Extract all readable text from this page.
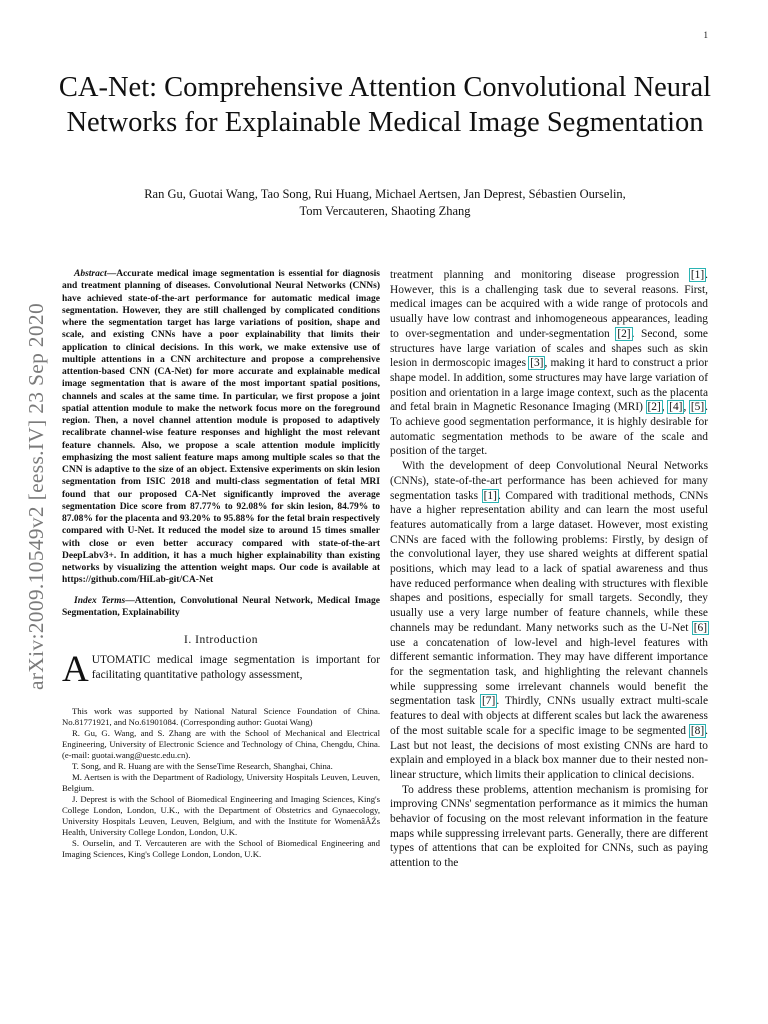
1
arXiv:2009.10549v2 [eess.IV] 23 Sep 2020
CA-Net: Comprehensive Attention Convolutional Neural Networks for Explainable Medical Image Segmentation
Ran Gu, Guotai Wang, Tao Song, Rui Huang, Michael Aertsen, Jan Deprest, Sébastien Ourselin,
Tom Vercauteren, Shaoting Zhang

Abstract—Accurate medical image segmentation is essential for diagnosis and treatment planning of diseases. Convolutional Neural Networks (CNNs) have achieved state-of-the-art performance for automatic medical image segmentation. However, they are still challenged by complicated conditions where the segmentation target has large variations of position, shape and scale, and existing CNNs have a poor explainability that limits their application to clinical decisions. In this work, we make extensive use of multiple attentions in a CNN architecture and propose a comprehensive attention-based CNN (CA-Net) for more accurate and explainable medical image segmentation that is aware of the most important spatial positions, channels and scales at the same time. In particular, we first propose a joint spatial attention module to make the network focus more on the foreground region. Then, a novel channel attention module is proposed to adaptively recalibrate channel-wise feature responses and highlight the most relevant feature channels. Also, we propose a scale attention module implicitly emphasizing the most salient feature maps among multiple scales so that the CNN is adaptive to the size of an object. Extensive experiments on skin lesion segmentation from ISIC 2018 and multi-class segmentation of fetal MRI found that our proposed CA-Net significantly improved the average segmentation Dice score from 87.77% to 92.08% for skin lesion, 84.79% to 87.08% for the placenta and 93.20% to 95.88% for the fetal brain respectively compared with U-Net. It reduced the model size to around 15 times smaller with close or even better accuracy compared with state-of-the-art DeepLabv3+. In addition, it has a much higher explainability than existing networks by visualizing the attention weight maps. Our code is available at https://github.com/HiLab-git/CA-Net

Index Terms—Attention, Convolutional Neural Network, Medical Image Segmentation, Explainability

I. Introduction

AUTOMATIC medical image segmentation is important for facilitating quantitative pathology assessment,

This work was supported by National Natural Science Foundation of China. No.81771921, and No.61901084. (Corresponding author: Guotai Wang)

R. Gu, G. Wang, and S. Zhang are with the School of Mechanical and Electrical Engineering, University of Electronic Science and Technology of China, Chengdu, China. (e-mail: guotai.wang@uestc.edu.cn).

T. Song, and R. Huang are with the SenseTime Research, Shanghai, China.

M. Aertsen is with the Department of Radiology, University Hospitals Leuven, Leuven, Belgium.

J. Deprest is with the School of Biomedical Engineering and Imaging Sciences, King's College London, London, U.K., with the Department of Obstetrics and Gynaecology, University Hospitals Leuven, Leuven, Belgium, and with the Institute for WomenâĂŹs Health, University College London, London, U.K.

S. Ourselin, and T. Vercauteren are with the School of Biomedical Engineering and Imaging Sciences, King's College London, London, U.K.

treatment planning and monitoring disease progression [1]. However, this is a challenging task due to several reasons. First, medical images can be acquired with a wide range of protocols and usually have low contrast and inhomogeneous appearances, leading to over-segmentation and under-segmentation [2]. Second, some structures have large variation of scales and shapes such as skin lesion in dermoscopic images [3], making it hard to construct a prior shape model. In addition, some structures may have large variation of position and orientation in a large image context, such as the placenta and fetal brain in Magnetic Resonance Imaging (MRI) [2], [4], [5]. To achieve good segmentation performance, it is highly desirable for automatic segmentation methods to be aware of the scale and position of the target.

With the development of deep Convolutional Neural Networks (CNNs), state-of-the-art performance has been achieved for many segmentation tasks [1]. Compared with traditional methods, CNNs have a higher representation ability and can learn the most useful features automatically from a large dataset. However, most existing CNNs are faced with the following problems: Firstly, by design of the convolutional layer, they use shared weights at different spatial positions, which may lead to a lack of spatial awareness and thus have reduced performance when dealing with structures with flexible shapes and positions, especially for small targets. Secondly, they usually use a very large number of feature channels, while these channels may be redundant. Many networks such as the U-Net [6] use a concatenation of low-level and high-level features with different semantic information. They may have different importance for the segmentation task, and highlighting the relevant channels while suppressing some irrelevant channels would benefit the segmentation task [7]. Thirdly, CNNs usually extract multi-scale features to deal with objects at different scales but lack the awareness of the most suitable scale for a specific image to be segmented [8]. Last but not least, the decisions of most existing CNNs are hard to explain and employed in a black box manner due to their nested non-linear structure, which limits their application to clinical decisions.

To address these problems, attention mechanism is promising for improving CNNs' segmentation performance as it mimics the human behavior of focusing on the most relevant information in the feature maps while suppressing irrelevant parts. Generally, there are different types of attentions that can be exploited for CNNs, such as paying attention to the
